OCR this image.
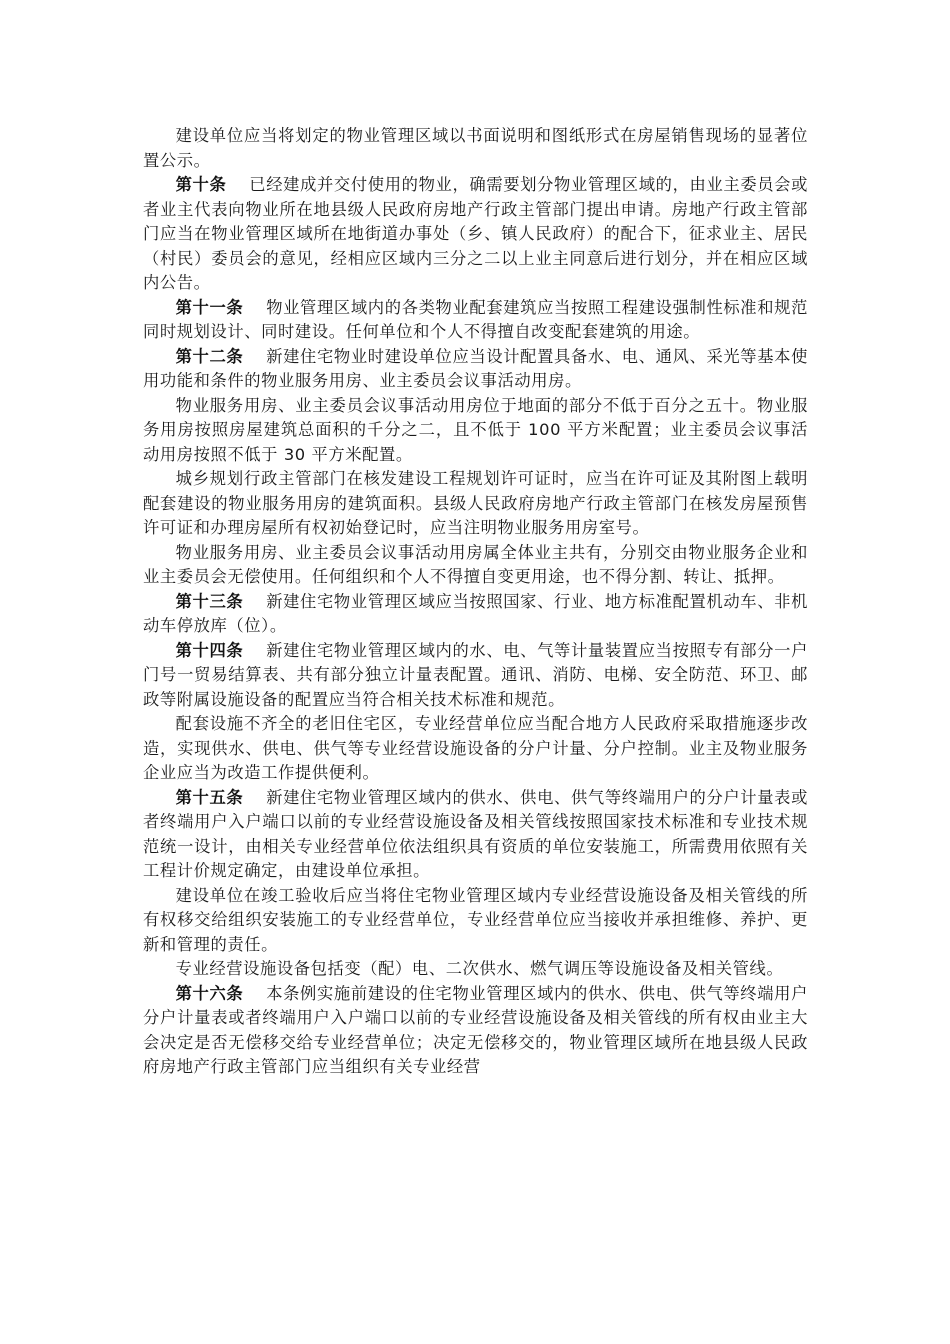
建设单位应当将划定的物业管理区域以书面说明和图纸形式在房屋销售现场的显著位置公示。

第十条 已经建成并交付使用的物业，确需要划分物业管理区域的，由业主委员会或者业主代表向物业所在地县级人民政府房地产行政主管部门提出申请。房地产行政主管部门应当在物业管理区域所在地街道办事处（乡、镇人民政府）的配合下，征求业主、居民（村民）委员会的意见，经相应区域内三分之二以上业主同意后进行划分，并在相应区域内公告。

第十一条 物业管理区域内的各类物业配套建筑应当按照工程建设强制性标准和规范同时规划设计、同时建设。任何单位和个人不得擅自改变配套建筑的用途。

第十二条 新建住宅物业时建设单位应当设计配置具备水、电、通风、采光等基本使用功能和条件的物业服务用房、业主委员会议事活动用房。

物业服务用房、业主委员会议事活动用房位于地面的部分不低于百分之五十。物业服务用房按照房屋建筑总面积的千分之二，且不低于 100 平方米配置；业主委员会议事活动用房按照不低于 30 平方米配置。

城乡规划行政主管部门在核发建设工程规划许可证时，应当在许可证及其附图上载明配套建设的物业服务用房的建筑面积。县级人民政府房地产行政主管部门在核发房屋预售许可证和办理房屋所有权初始登记时，应当注明物业服务用房室号。

物业服务用房、业主委员会议事活动用房属全体业主共有，分别交由物业服务企业和业主委员会无偿使用。任何组织和个人不得擅自变更用途，也不得分割、转让、抵押。

第十三条 新建住宅物业管理区域应当按照国家、行业、地方标准配置机动车、非机动车停放库（位）。

第十四条 新建住宅物业管理区域内的水、电、气等计量装置应当按照专有部分一户门号一贸易结算表、共有部分独立计量表配置。通讯、消防、电梯、安全防范、环卫、邮政等附属设施设备的配置应当符合相关技术标准和规范。

配套设施不齐全的老旧住宅区，专业经营单位应当配合地方人民政府采取措施逐步改造，实现供水、供电、供气等专业经营设施设备的分户计量、分户控制。业主及物业服务企业应当为改造工作提供便利。

第十五条 新建住宅物业管理区域内的供水、供电、供气等终端用户的分户计量表或者终端用户入户端口以前的专业经营设施设备及相关管线按照国家技术标准和专业技术规范统一设计，由相关专业经营单位依法组织具有资质的单位安装施工，所需费用依照有关工程计价规定确定，由建设单位承担。

建设单位在竣工验收后应当将住宅物业管理区域内专业经营设施设备及相关管线的所有权移交给组织安装施工的专业经营单位，专业经营单位应当接收并承担维修、养护、更新和管理的责任。

专业经营设施设备包括变（配）电、二次供水、燃气调压等设施设备及相关管线。

第十六条 本条例实施前建设的住宅物业管理区域内的供水、供电、供气等终端用户分户计量表或者终端用户入户端口以前的专业经营设施设备及相关管线的所有权由业主大会决定是否无偿移交给专业经营单位；决定无偿移交的，物业管理区域所在地县级人民政府房地产行政主管部门应当组织有关专业经营
